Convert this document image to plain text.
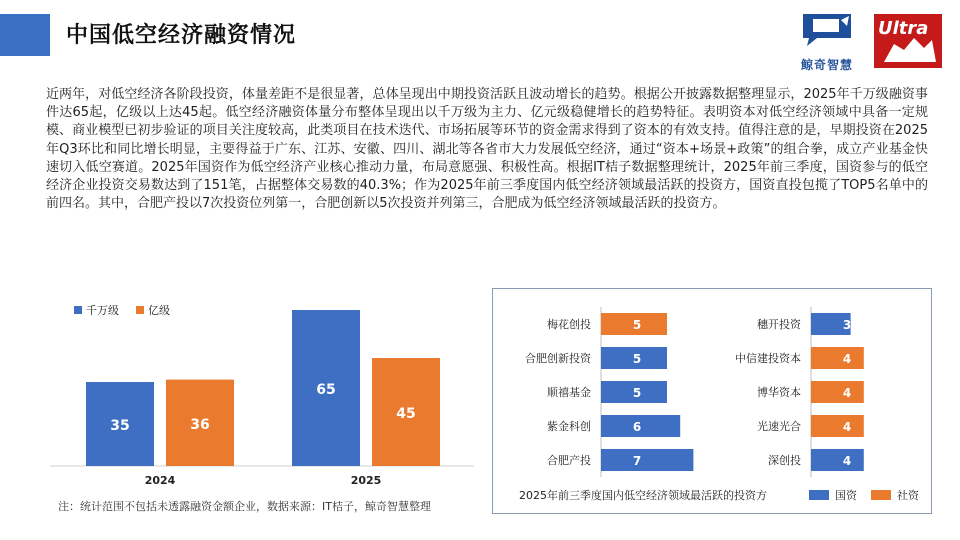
中国低空经济融资情况
鲸奇智慧
Ultra
近两年，对低空经济各阶段投资，体量差距不是很显著，总体呈现出中期投资活跃且波动增长的趋势。根据公开披露数据整理显示，2025年千万级融资事件达65起，亿级以上达45起。低空经济融资体量分布整体呈现出以千万级为主力、亿元级稳健增长的趋势特征。表明资本对低空经济领域中具备一定规模、商业模型已初步验证的项目关注度较高，此类项目在技术迭代、市场拓展等环节的资金需求得到了资本的有效支持。值得注意的是，早期投资在2025年Q3环比和同比增长明显，主要得益于广东、江苏、安徽、四川、湖北等各省市大力发展低空经济，通过“资本+场景+政策”的组合拳，成立产业基金快速切入低空赛道。2025年国资作为低空经济产业核心推动力量，布局意愿强、积极性高。根据IT桔子数据整理统计，2025年前三季度，国资参与的低空经济企业投资交易数达到了151笔，占据整体交易数的40.3%；作为2025年前三季度国内低空经济领域最活跃的投资方，国资直投包揽了TOP5名单中的前四名。其中，合肥产投以7次投资位列第一，合肥创新以5次投资并列第三，合肥成为低空经济领域最活跃的投资方。
35	36
2024
65
45
2025
千万级	亿级
注：统计范围不包括未透露融资金额企业，数据来源：IT桔子，鲸奇智慧整理
5
梅花创投
5
合肥创新投资
5
顺禧基金
6
紫金科创
7
合肥产投
3
穗开投资
4
中信建投资本
4
博华资本
4
光速光合
4
深创投
2025年前三季度国内低空经济领域最活跃的投资方	国资	社资
